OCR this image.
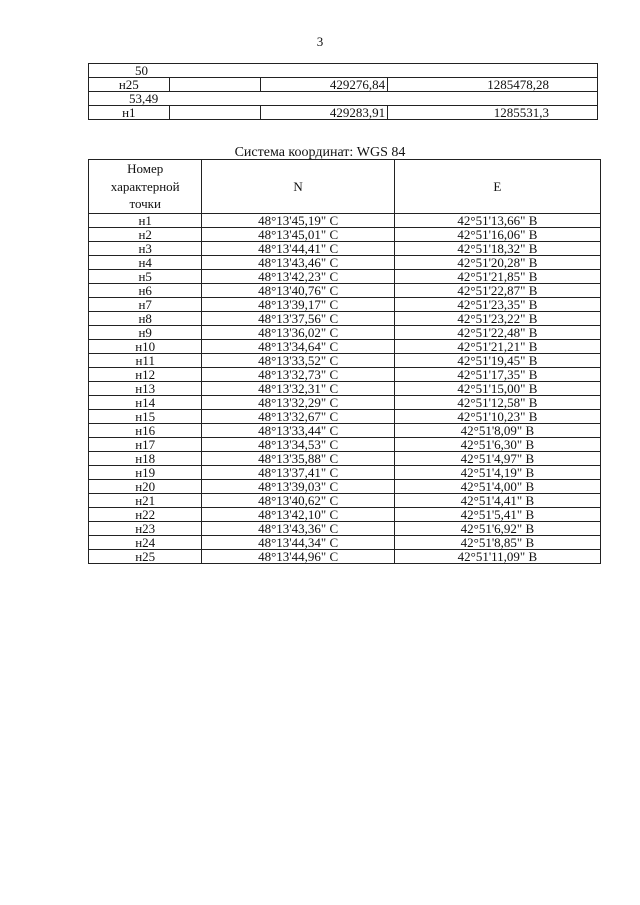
3
50			
н25		429276,84	1285478,28
53,49			
н1		429283,91	1285531,3
Система координат: WGS 84
Номер
характерной
точки	N	E
н1	48°13'45,19" С	42°51'13,66" В
н2	48°13'45,01" С	42°51'16,06" В
н3	48°13'44,41" С	42°51'18,32" В
н4	48°13'43,46" С	42°51'20,28" В
н5	48°13'42,23" С	42°51'21,85" В
н6	48°13'40,76" С	42°51'22,87" В
н7	48°13'39,17" С	42°51'23,35" В
н8	48°13'37,56" С	42°51'23,22" В
н9	48°13'36,02" С	42°51'22,48" В
н10	48°13'34,64" С	42°51'21,21" В
н11	48°13'33,52" С	42°51'19,45" В
н12	48°13'32,73" С	42°51'17,35" В
н13	48°13'32,31" С	42°51'15,00" В
н14	48°13'32,29" С	42°51'12,58" В
н15	48°13'32,67" С	42°51'10,23" В
н16	48°13'33,44" С	42°51'8,09" В
н17	48°13'34,53" С	42°51'6,30" В
н18	48°13'35,88" С	42°51'4,97" В
н19	48°13'37,41" С	42°51'4,19" В
н20	48°13'39,03" С	42°51'4,00" В
н21	48°13'40,62" С	42°51'4,41" В
н22	48°13'42,10" С	42°51'5,41" В
н23	48°13'43,36" С	42°51'6,92" В
н24	48°13'44,34" С	42°51'8,85" В
н25	48°13'44,96" С	42°51'11,09" В
